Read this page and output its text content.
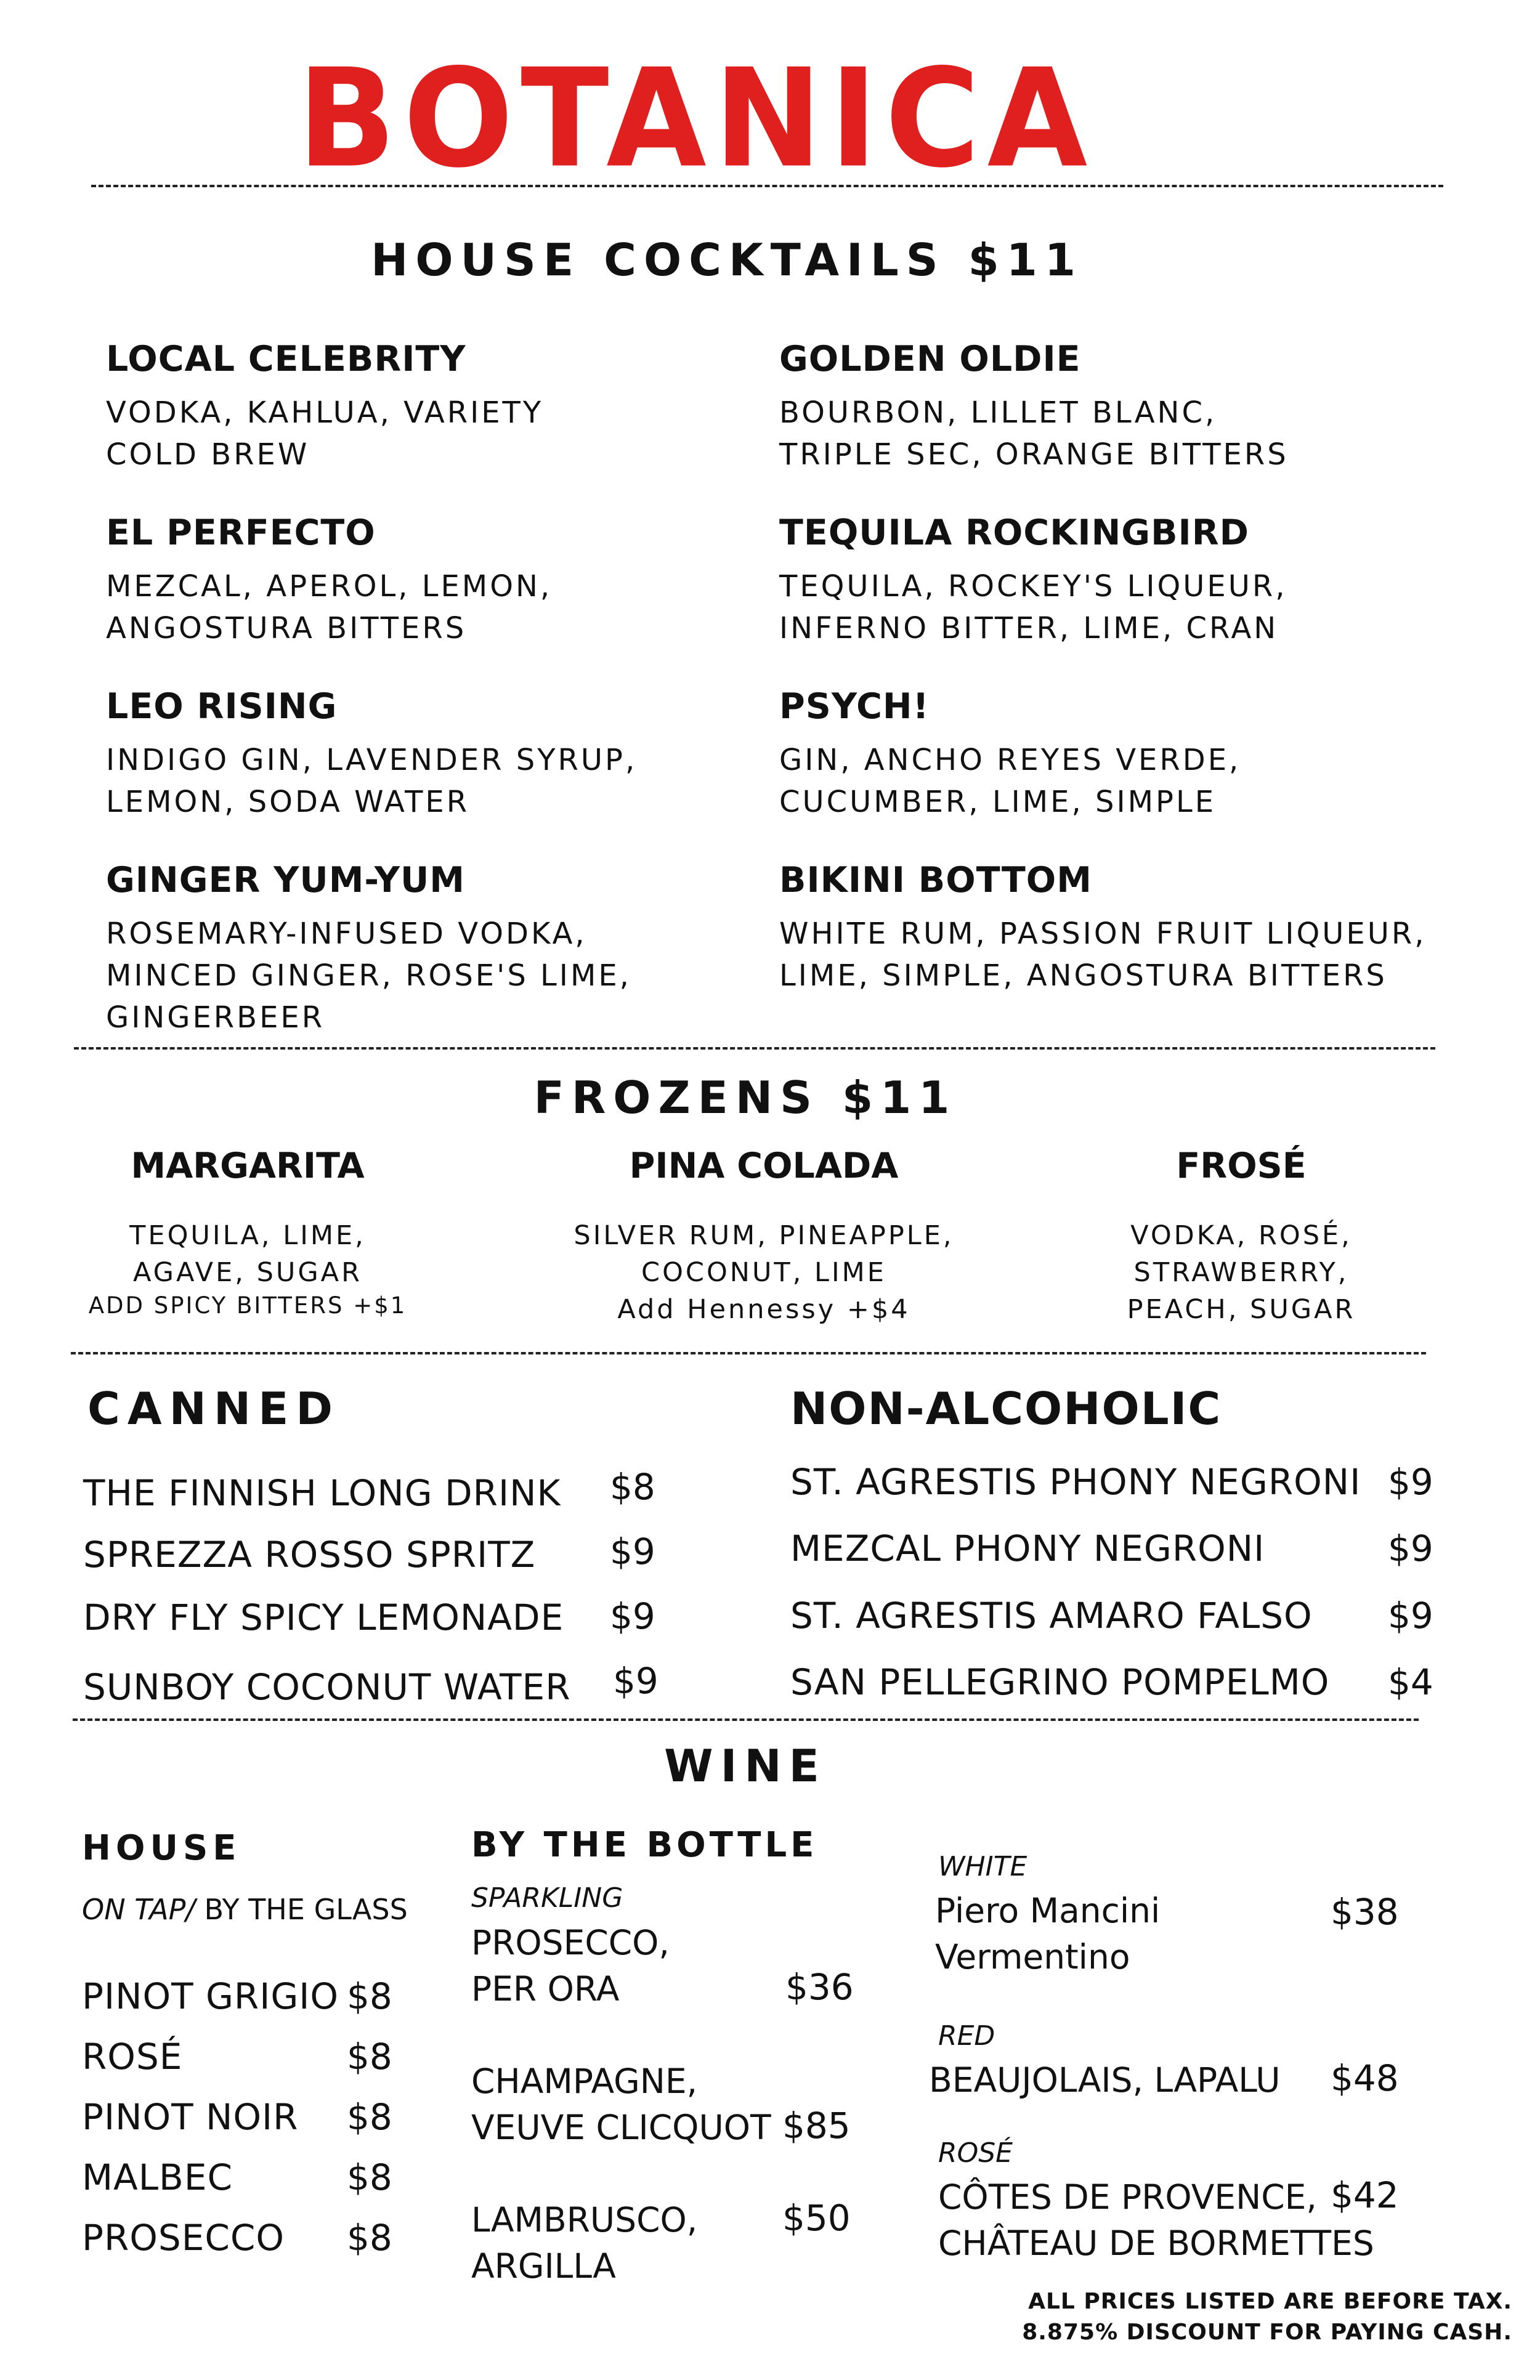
BOTANICA
HOUSE COCKTAILS $11
LOCAL CELEBRITY
VODKA, KAHLUA, VARIETY
COLD BREW
EL PERFECTO
MEZCAL, APEROL, LEMON,
ANGOSTURA BITTERS
LEO RISING
INDIGO GIN, LAVENDER SYRUP,
LEMON, SODA WATER
GINGER YUM-YUM
ROSEMARY-INFUSED VODKA,
MINCED GINGER, ROSE'S LIME,
GINGERBEER
GOLDEN OLDIE
BOURBON, LILLET BLANC,
TRIPLE SEC, ORANGE BITTERS
TEQUILA ROCKINGBIRD
TEQUILA, ROCKEY'S LIQUEUR,
INFERNO BITTER, LIME, CRAN
PSYCH!
GIN, ANCHO REYES VERDE,
CUCUMBER, LIME, SIMPLE
BIKINI BOTTOM
WHITE RUM, PASSION FRUIT LIQUEUR,
LIME, SIMPLE, ANGOSTURA BITTERS
FROZENS $11
MARGARITA
TEQUILA, LIME,
AGAVE, SUGAR
ADD SPICY BITTERS +$1
PINA COLADA
SILVER RUM, PINEAPPLE,
COCONUT, LIME
Add Hennessy +$4
FROSÉ
VODKA, ROSÉ,
STRAWBERRY,
PEACH, SUGAR
CANNED
THE FINNISH LONG DRINK $8
SPREZZA ROSSO SPRITZ $9
DRY FLY SPICY LEMONADE $9
SUNBOY COCONUT WATER $9
NON-ALCOHOLIC
ST. AGRESTIS PHONY NEGRONI $9
MEZCAL PHONY NEGRONI	$9
ST. AGRESTIS AMARO FALSO $9
SAN PELLEGRINO POMPELMO $4
WINE
HOUSE
ON TAP/ BY THE GLASS
PINOT GRIGIO $8
ROSÉ	$8
PINOT NOIR $8
MALBEC	$8
PROSECCO $8
BY THE BOTTLE
SPARKLING
PROSECCO,
PER ORA	$36
CHAMPAGNE,
VEUVE CLICQUOT $85
LAMBRUSCO,
ARGILLA
$50
WHITE
Piero Mancini
Vermentino
$38
RED
BEAUJOLAIS, LAPALU $48
ROSÉ
CÔTES DE PROVENCE,
CHÂTEAU DE BORMETTES
$42
ALL PRICES LISTED ARE BEFORE TAX.
8.875% DISCOUNT FOR PAYING CASH.
